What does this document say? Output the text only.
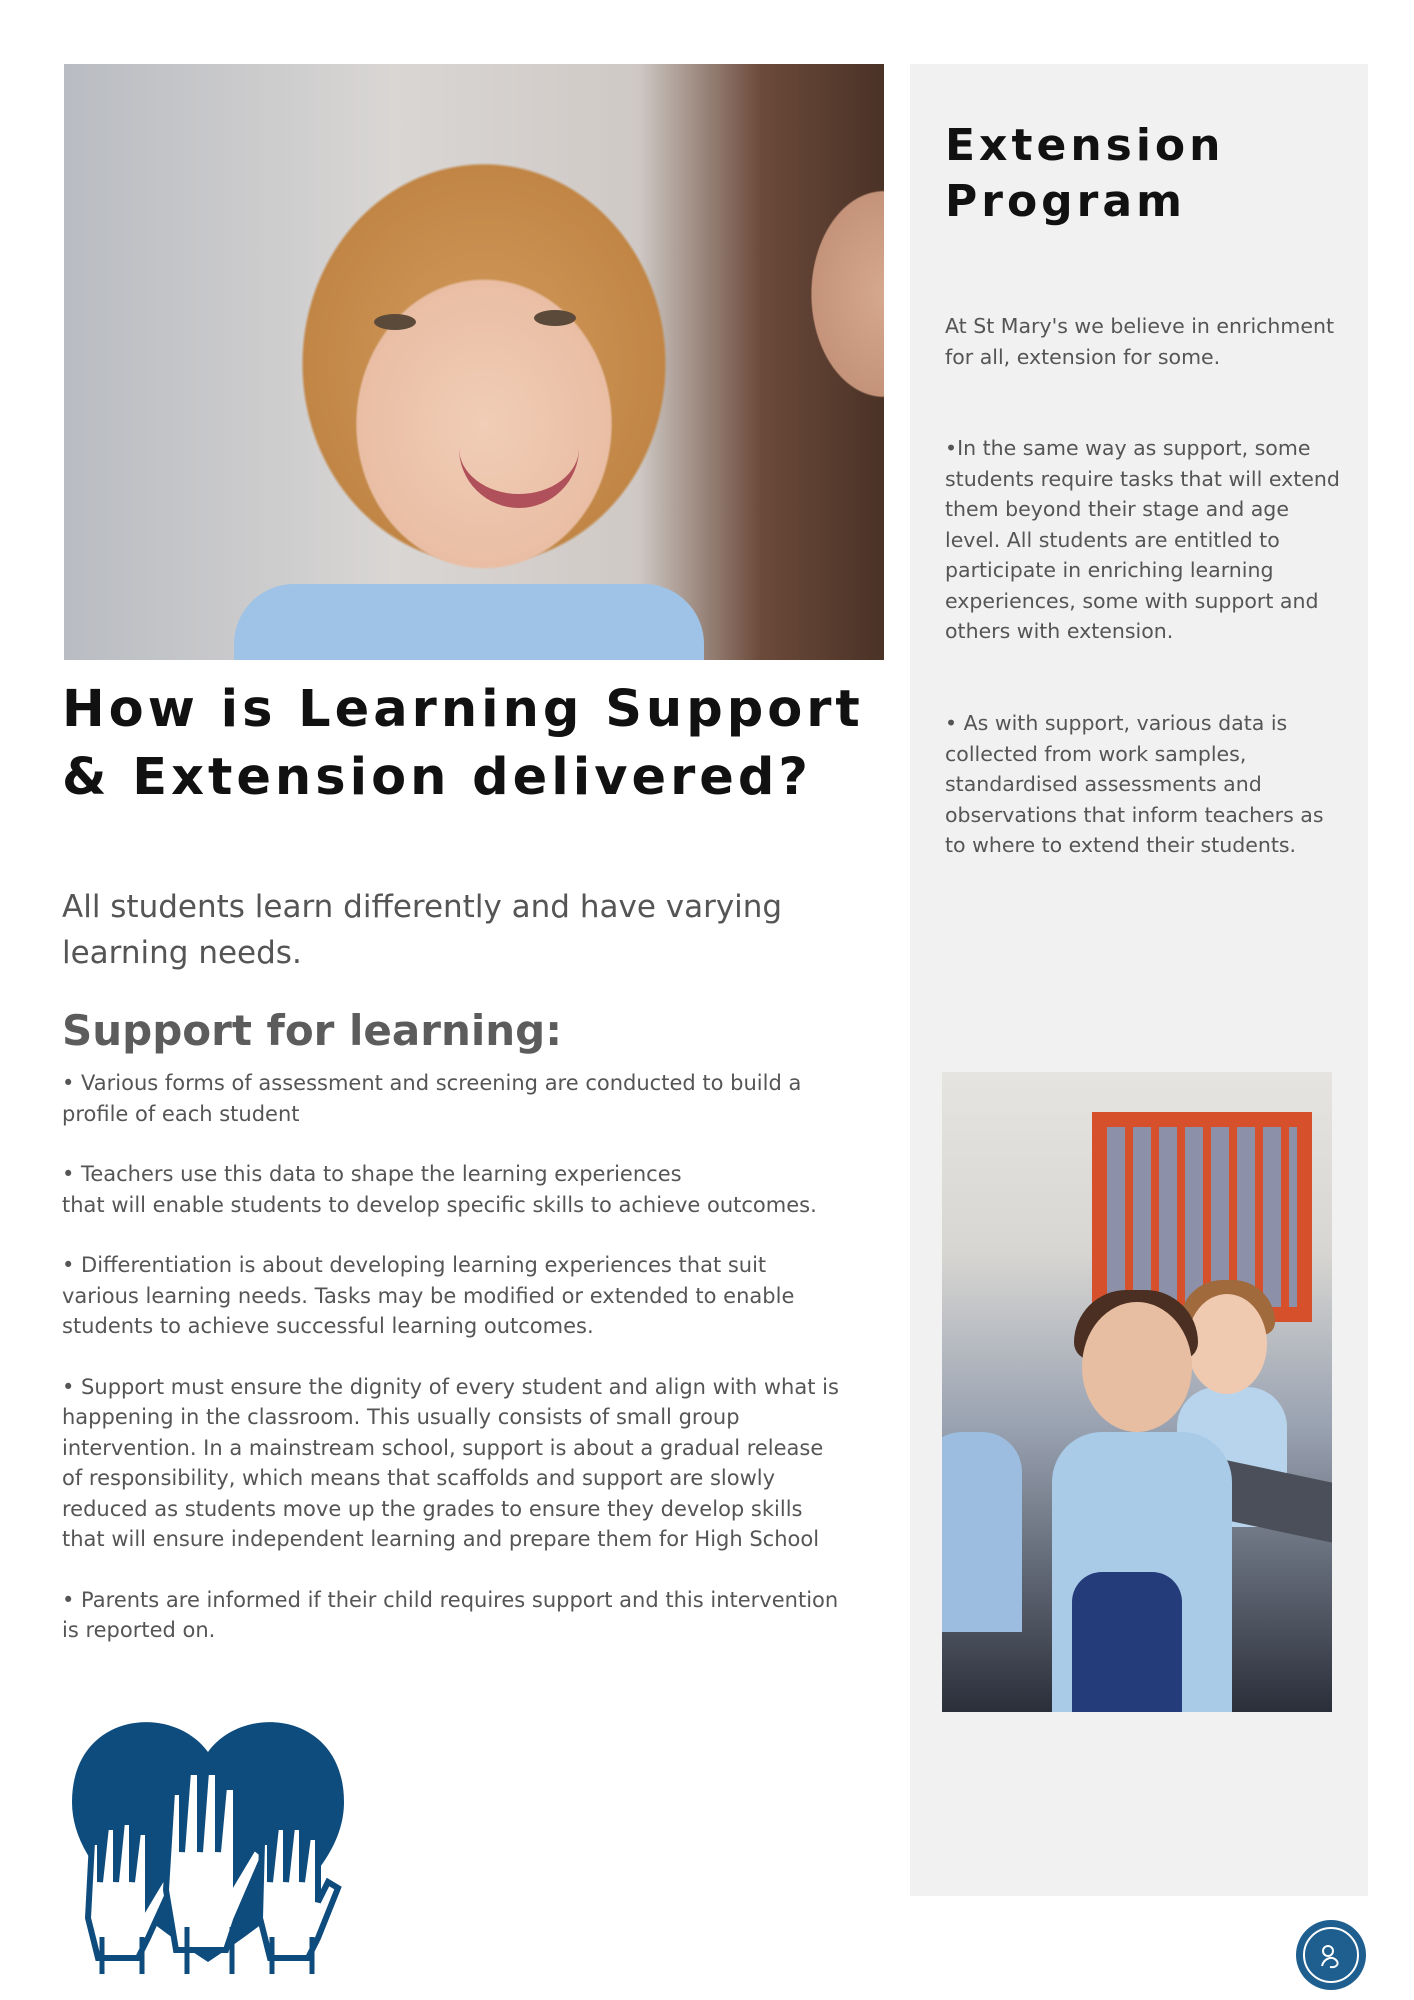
How is Learning Support & Extension delivered?

All students learn differently and have varying learning needs.

Support for learning:
• Various forms of assessment and screening are conducted to build a
profile of each student
• Teachers use this data to shape the learning experiences
that will enable students to develop specific skills to achieve outcomes.
• Differentiation is about developing learning experiences that suit
various learning needs. Tasks may be modified or extended to enable
students to achieve successful learning outcomes.
• Support must ensure the dignity of every student and align with what is
happening in the classroom. This usually consists of small group
intervention. In a mainstream school, support is about a gradual release
of responsibility, which means that scaffolds and support are slowly
reduced as students move up the grades to ensure they develop skills
that will ensure independent learning and prepare them for High School
• Parents are informed if their child requires support and this intervention
is reported on.
Extension Program

At St Mary's we believe in enrichment for all, extension for some.

•In the same way as support, some students require tasks that will extend them beyond their stage and age level. All students are entitled to participate in enriching learning experiences, some with support and others with extension.

• As with support, various data is collected from work samples, standardised assessments and observations that inform teachers as to where to extend their students.
